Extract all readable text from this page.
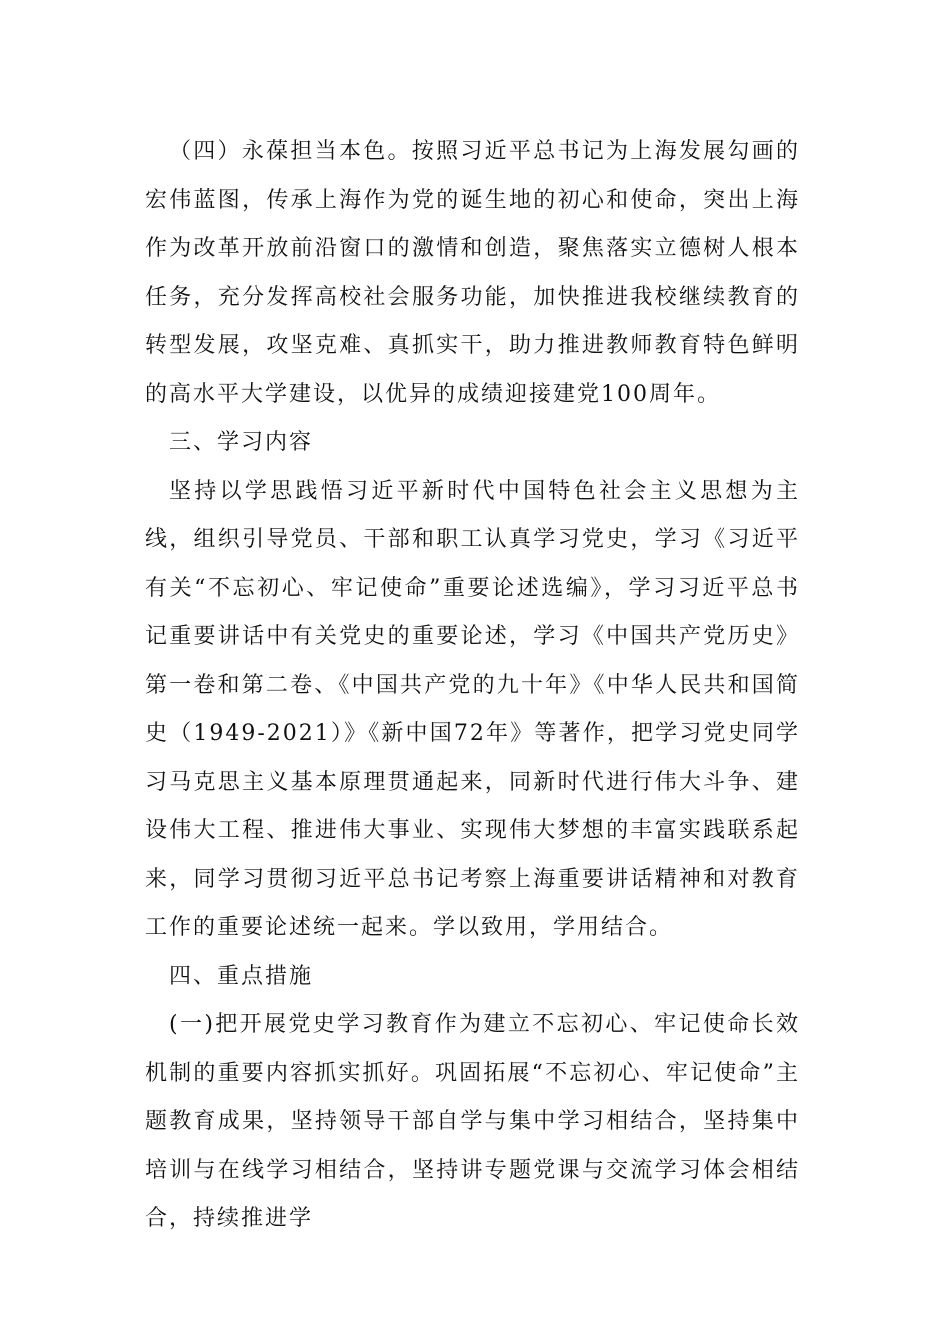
（四）永葆担当本色。按照习近平总书记为上海发展勾画的宏伟蓝图，传承上海作为党的诞生地的初心和使命，突出上海作为改革开放前沿窗口的激情和创造，聚焦落实立德树人根本任务，充分发挥高校社会服务功能，加快推进我校继续教育的转型发展，攻坚克难、真抓实干，助力推进教师教育特色鲜明的高水平大学建设，以优异的成绩迎接建党100周年。

三、学习内容

坚持以学思践悟习近平新时代中国特色社会主义思想为主线，组织引导党员、干部和职工认真学习党史，学习《习近平有关“不忘初心、牢记使命”重要论述选编》，学习习近平总书记重要讲话中有关党史的重要论述，学习《中国共产党历史》第一卷和第二卷、《中国共产党的九十年》《中华人民共和国简史（1949-2021）》《新中国72年》等著作，把学习党史同学习马克思主义基本原理贯通起来，同新时代进行伟大斗争、建设伟大工程、推进伟大事业、实现伟大梦想的丰富实践联系起来，同学习贯彻习近平总书记考察上海重要讲话精神和对教育工作的重要论述统一起来。学以致用，学用结合。

四、重点措施

(一)把开展党史学习教育作为建立不忘初心、牢记使命长效机制的重要内容抓实抓好。巩固拓展“不忘初心、牢记使命”主题教育成果，坚持领导干部自学与集中学习相结合，坚持集中培训与在线学习相结合，坚持讲专题党课与交流学习体会相结合，持续推进学
